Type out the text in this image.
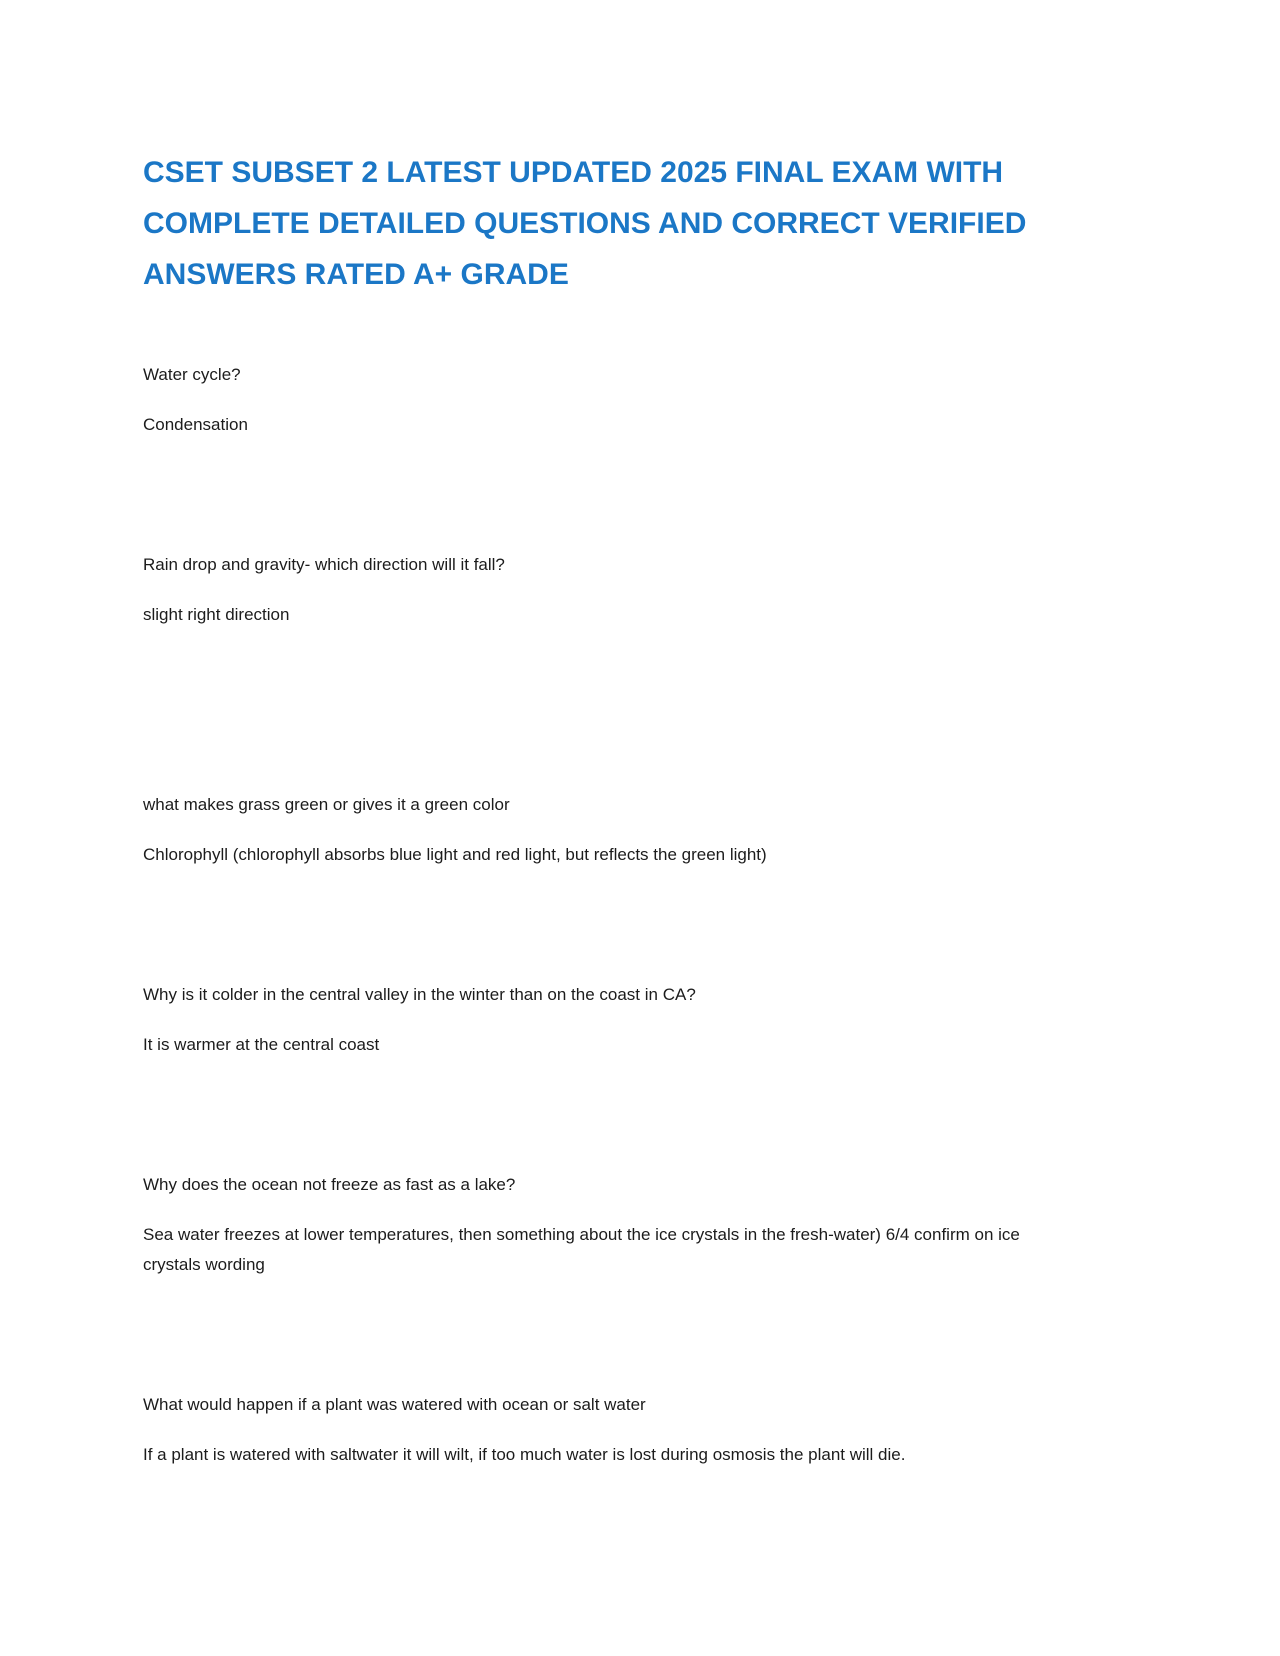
CSET SUBSET 2 LATEST UPDATED 2025 FINAL EXAM WITH COMPLETE DETAILED QUESTIONS AND CORRECT VERIFIED ANSWERS RATED A+ GRADE

Water cycle?

Condensation

Rain drop and gravity- which direction will it fall?

slight right direction

what makes grass green or gives it a green color

Chlorophyll (chlorophyll absorbs blue light and red light, but reflects the green light)

Why is it colder in the central valley in the winter than on the coast in CA?

It is warmer at the central coast

Why does the ocean not freeze as fast as a lake?

Sea water freezes at lower temperatures, then something about the ice crystals in the fresh-water) 6/4 confirm on ice crystals wording

What would happen if a plant was watered with ocean or salt water

If a plant is watered with saltwater it will wilt, if too much water is lost during osmosis the plant will die.
